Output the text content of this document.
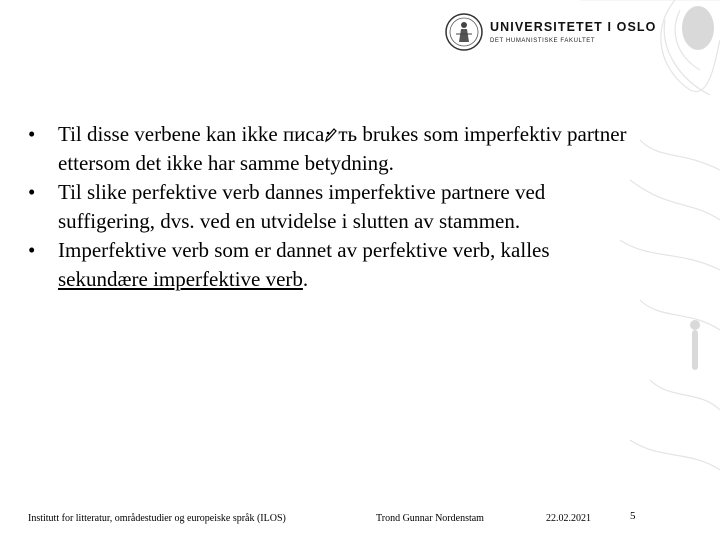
UNIVERSITETET I OSLO
DET HUMANISTISKE FAKULTET
•	Til disse verbene kan ikke писа ть brukes som imperfektiv partner ettersom det ikke har samme betydning.
•	Til slike perfektive verb dannes imperfektive partnere ved suffigering, dvs. ved en utvidelse i slutten av stammen.
•	Imperfektive verb som er dannet av perfektive verb, kalles sekundære imperfektive verb.
Institutt for litteratur, områdestudier og europeiske språk (ILOS)	Trond Gunnar Nordenstam	22.02.2021	5
